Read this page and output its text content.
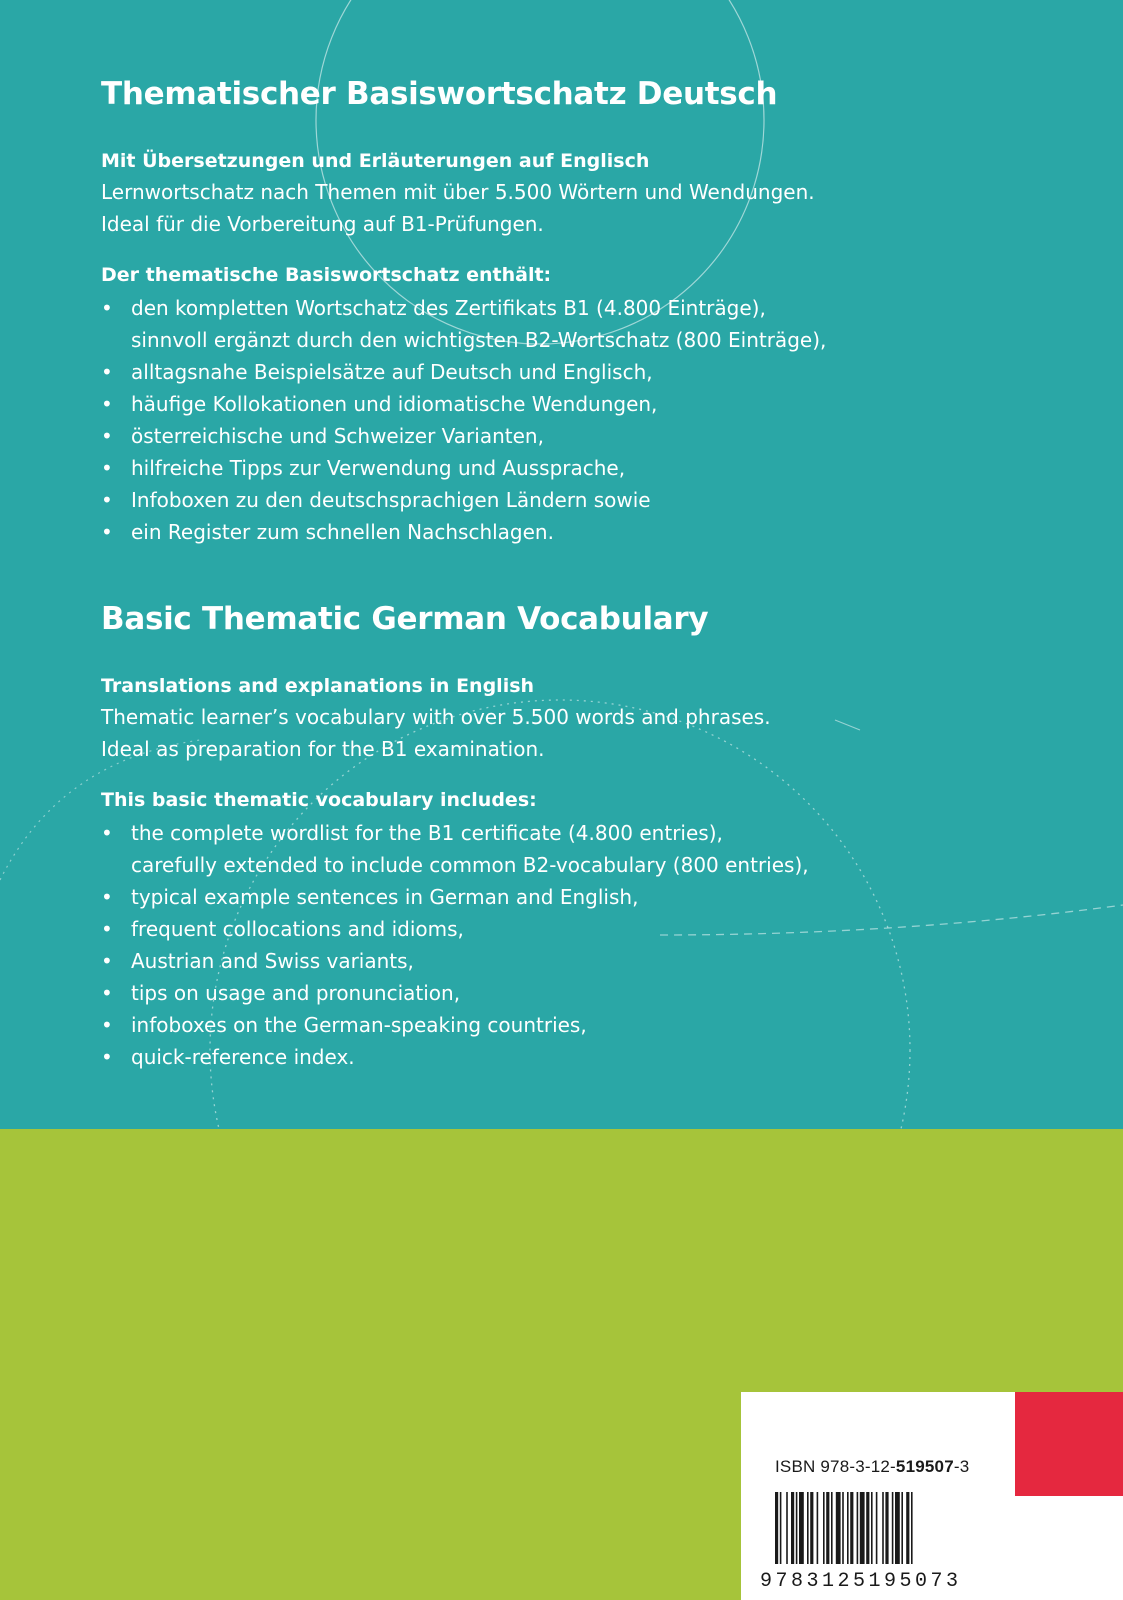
Thematischer Basiswortschatz Deutsch

Mit Übersetzungen und Erläuterungen auf Englisch

Lernwortschatz nach Themen mit über 5.500 Wörtern und Wendungen.

Ideal für die Vorbereitung auf B1-Prüfungen.

Der thematische Basiswortschatz enthält:

• den kompletten Wortschatz des Zertifikats B1 (4.800 Einträge),
sinnvoll ergänzt durch den wichtigsten B2-Wortschatz (800 Einträge),
• alltagsnahe Beispielsätze auf Deutsch und Englisch,
• häufige Kollokationen und idiomatische Wendungen,
• österreichische und Schweizer Varianten,
• hilfreiche Tipps zur Verwendung und Aussprache,
• Infoboxen zu den deutschsprachigen Ländern sowie
• ein Register zum schnellen Nachschlagen.
Basic Thematic German Vocabulary

Translations and explanations in English

Thematic learner’s vocabulary with over 5.500 words and phrases.

Ideal as preparation for the B1 examination.

This basic thematic vocabulary includes:

• the complete wordlist for the B1 certificate (4.800 entries),
carefully extended to include common B2-vocabulary (800 entries),
• typical example sentences in German and English,
• frequent collocations and idioms,
• Austrian and Swiss variants,
• tips on usage and pronunciation,
• infoboxes on the German-speaking countries,
• quick-reference index.
ISBN 978-3-12-519507-3
9783125195073
